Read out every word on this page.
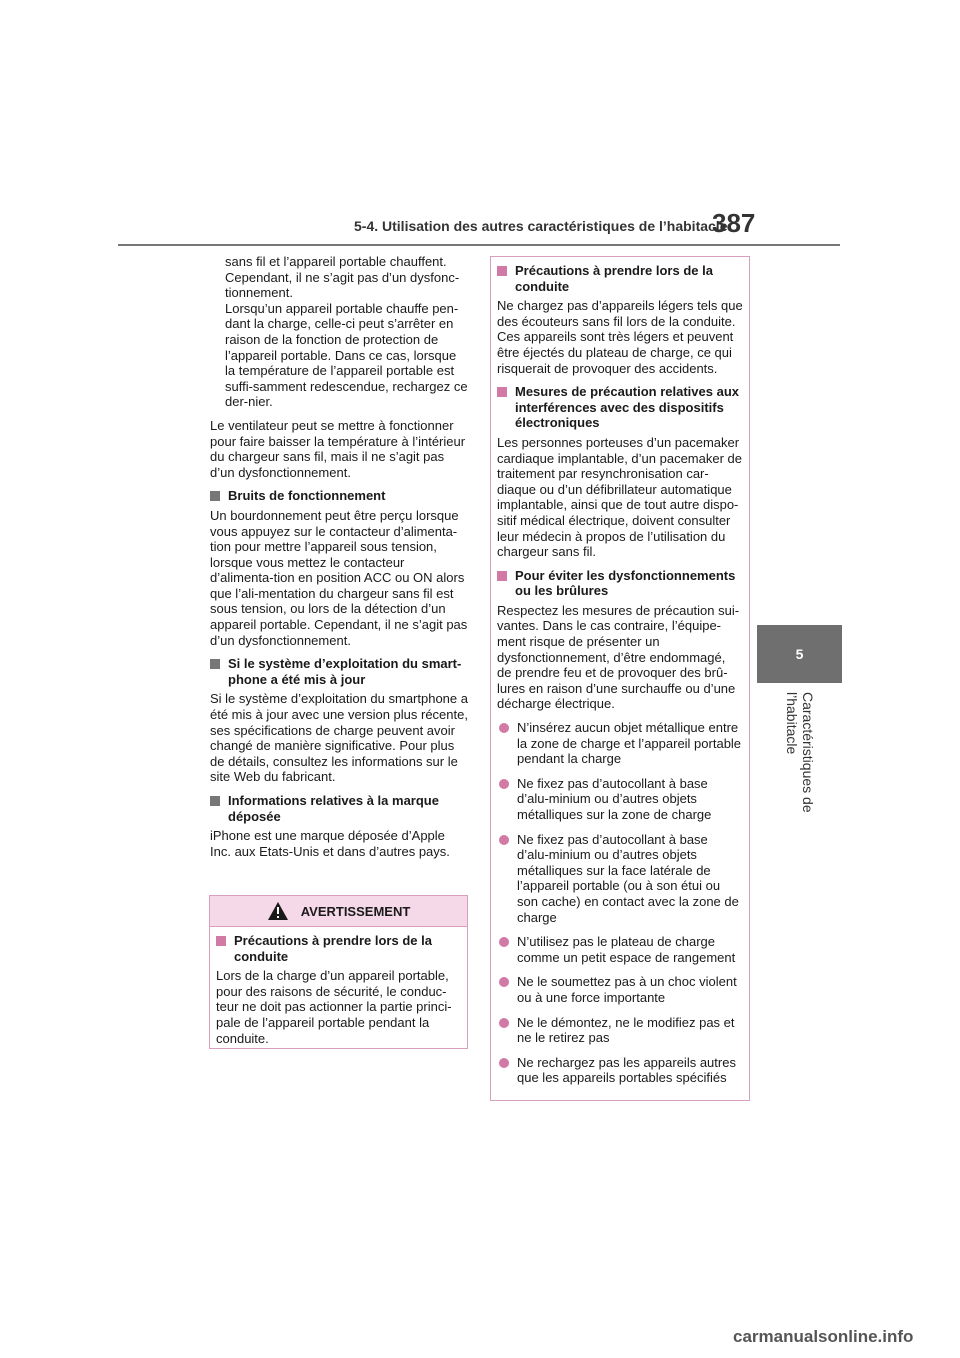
5-4. Utilisation des autres caractéristiques de l’habitacle
387
5
Caractéristiques de l’habitacle

sans fil et l’appareil portable chauffent. Cependant, il ne s’agit pas d’un dysfonc-tionnement.

Lorsqu’un appareil portable chauffe pen-dant la charge, celle-ci peut s’arrêter en raison de la fonction de protection de l’appareil portable. Dans ce cas, lorsque la température de l’appareil portable est suffi-samment redescendue, rechargez ce der-nier.

Le ventilateur peut se mettre à fonctionner pour faire baisser la température à l’intérieur du chargeur sans fil, mais il ne s’agit pas d’un dysfonctionnement.

Bruits de fonctionnement

Un bourdonnement peut être perçu lorsque vous appuyez sur le contacteur d’alimenta-tion pour mettre l’appareil sous tension, lorsque vous mettez le contacteur d’alimenta-tion en position ACC ou ON alors que l’ali-mentation du chargeur sans fil est sous tension, ou lors de la détection d’un appareil portable. Cependant, il ne s’agit pas d’un dysfonctionnement.

Si le système d’exploitation du smart-phone a été mis à jour

Si le système d’exploitation du smartphone a été mis à jour avec une version plus récente, ses spécifications de charge peuvent avoir changé de manière significative. Pour plus de détails, consultez les informations sur le site Web du fabricant.

Informations relatives à la marque déposée

iPhone est une marque déposée d’Apple Inc. aux Etats-Unis et dans d’autres pays.

AVERTISSEMENT
Précautions à prendre lors de la conduite

Lors de la charge d’un appareil portable, pour des raisons de sécurité, le conduc-teur ne doit pas actionner la partie princi-pale de l’appareil portable pendant la conduite.

Précautions à prendre lors de la conduite

Ne chargez pas d’appareils légers tels que des écouteurs sans fil lors de la conduite. Ces appareils sont très légers et peuvent être éjectés du plateau de charge, ce qui risquerait de provoquer des accidents.

Mesures de précaution relatives aux interférences avec des dispositifs électroniques

Les personnes porteuses d’un pacemaker cardiaque implantable, d’un pacemaker de traitement par resynchronisation car-diaque ou d’un défibrillateur automatique implantable, ainsi que de tout autre dispo-sitif médical électrique, doivent consulter leur médecin à propos de l’utilisation du chargeur sans fil.

Pour éviter les dysfonctionnements ou les brûlures

Respectez les mesures de précaution sui-vantes. Dans le cas contraire, l’équipe-ment risque de présenter un dysfonctionnement, d’être endommagé, de prendre feu et de provoquer des brû-lures en raison d’une surchauffe ou d’une décharge électrique.

N’insérez aucun objet métallique entre la zone de charge et l’appareil portable pendant la charge
Ne fixez pas d’autocollant à base d’alu-minium ou d’autres objets métalliques sur la zone de charge
Ne fixez pas d’autocollant à base d’alu-minium ou d’autres objets métalliques sur la face latérale de l’appareil portable (ou à son étui ou son cache) en contact avec la zone de charge
N’utilisez pas le plateau de charge comme un petit espace de rangement
Ne le soumettez pas à un choc violent ou à une force importante
Ne le démontez, ne le modifiez pas et ne le retirez pas
Ne rechargez pas les appareils autres que les appareils portables spécifiés
carmanualsonline.info
